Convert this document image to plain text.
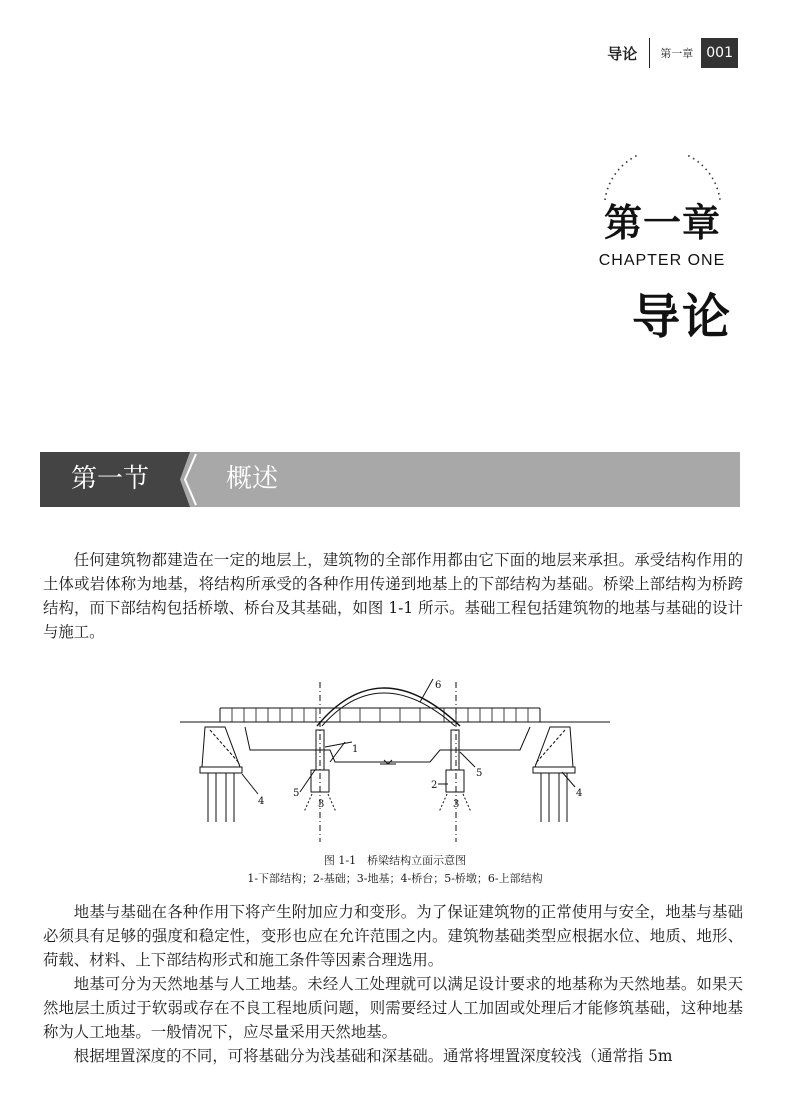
导论 第一章 001
第一章
CHAPTER ONE
导论
第一节	概述

任何建筑物都建造在一定的地层上，建筑物的全部作用都由它下面的地层来承担。承受结构作用的土体或岩体称为地基，将结构所承受的各种作用传递到地基上的下部结构为基础。桥梁上部结构为桥跨结构，而下部结构包括桥墩、桥台及其基础，如图 1-1 所示。基础工程包括建筑物的地基与基础的设计与施工。

6
1
5
5
3	3
2
4
4
图 1-1　桥梁结构立面示意图
1-下部结构；2-基础；3-地基；4-桥台；5-桥墩；6-上部结构

地基与基础在各种作用下将产生附加应力和变形。为了保证建筑物的正常使用与安全，地基与基础必须具有足够的强度和稳定性，变形也应在允许范围之内。建筑物基础类型应根据水位、地质、地形、荷载、材料、上下部结构形式和施工条件等因素合理选用。

地基可分为天然地基与人工地基。未经人工处理就可以满足设计要求的地基称为天然地基。如果天然地层土质过于软弱或存在不良工程地质问题，则需要经过人工加固或处理后才能修筑基础，这种地基称为人工地基。一般情况下，应尽量采用天然地基。

根据埋置深度的不同，可将基础分为浅基础和深基础。通常将埋置深度较浅（通常指 5m
